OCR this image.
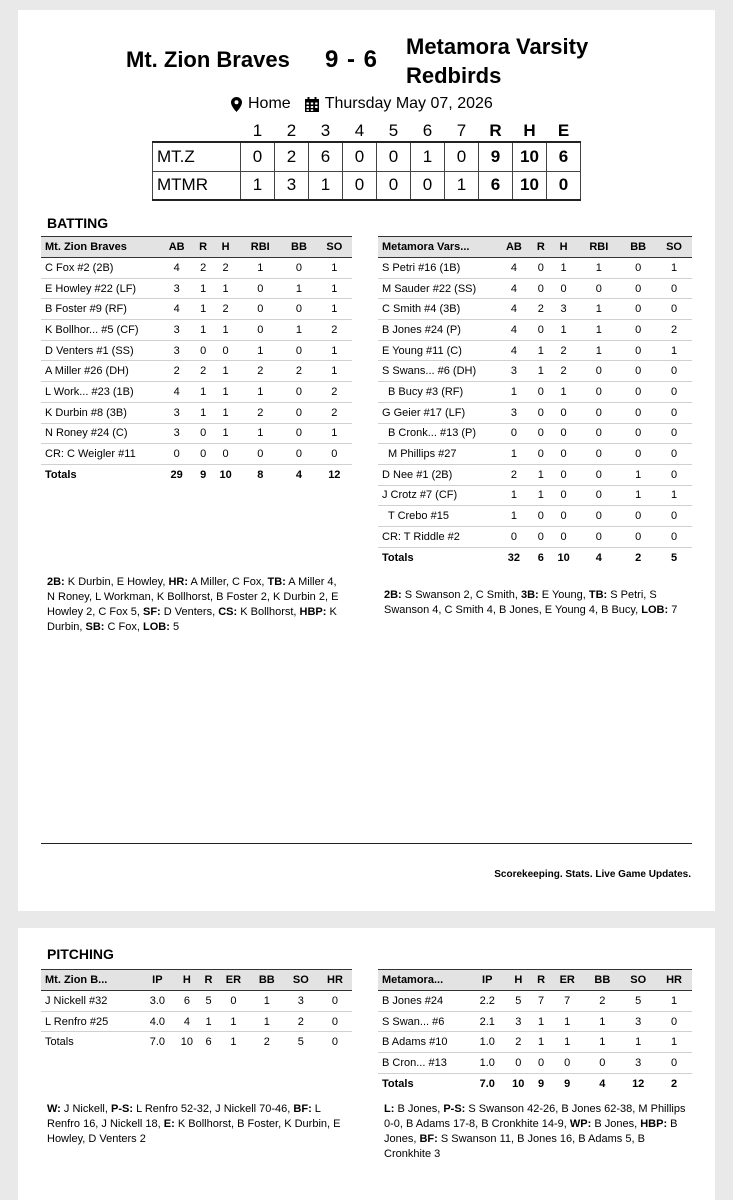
Mt. Zion Braves 9 - 6 Metamora Varsity Redbirds
Home Thursday May 07, 2026
	1	2	3	4	5	6	7	R	H	E
MT.Z	0	2	6	0	0	1	0	9	10	6
MTMR	1	3	1	0	0	0	1	6	10	0
BATTING
Mt. Zion Braves	AB	R	H	RBI	BB	SO
C Fox #2 (2B)	4	2	2	1	0	1
E Howley #22 (LF)	3	1	1	0	1	1
B Foster #9 (RF)	4	1	2	0	0	1
K Bollhor... #5 (CF)	3	1	1	0	1	2
D Venters #1 (SS)	3	0	0	1	0	1
A Miller #26 (DH)	2	2	1	2	2	1
L Work... #23 (1B)	4	1	1	1	0	2
K Durbin #8 (3B)	3	1	1	2	0	2
N Roney #24 (C)	3	0	1	1	0	1
CR: C Weigler #11	0	0	0	0	0	0
Totals	29	9	10	8	4	12
Metamora Vars...	AB	R	H	RBI	BB	SO
S Petri #16 (1B)	4	0	1	1	0	1
M Sauder #22 (SS)	4	0	0	0	0	0
C Smith #4 (3B)	4	2	3	1	0	0
B Jones #24 (P)	4	0	1	1	0	2
E Young #11 (C)	4	1	2	1	0	1
S Swans... #6 (DH)	3	1	2	0	0	0
B Bucy #3 (RF)	1	0	1	0	0	0
G Geier #17 (LF)	3	0	0	0	0	0
B Cronk... #13 (P)	0	0	0	0	0	0
M Phillips #27	1	0	0	0	0	0
D Nee #1 (2B)	2	1	0	0	1	0
J Crotz #7 (CF)	1	1	0	0	1	1
T Crebo #15	1	0	0	0	0	0
CR: T Riddle #2	0	0	0	0	0	0
Totals	32	6	10	4	2	5
2B: K Durbin, E Howley, HR: A Miller, C Fox, TB: A Miller 4, N Roney, L Workman, K Bollhorst, B Foster 2, K Durbin 2, E Howley 2, C Fox 5, SF: D Venters, CS: K Bollhorst, HBP: K Durbin, SB: C Fox, LOB: 5
2B: S Swanson 2, C Smith, 3B: E Young, TB: S Petri, S Swanson 4, C Smith 4, B Jones, E Young 4, B Bucy, LOB: 7
Scorekeeping. Stats. Live Game Updates.
PITCHING
Mt. Zion B...	IP	H	R	ER	BB	SO	HR
J Nickell #32	3.0	6	5	0	1	3	0
L Renfro #25	4.0	4	1	1	1	2	0
Totals	7.0	10	6	1	2	5	0
Metamora...	IP	H	R	ER	BB	SO	HR
B Jones #24	2.2	5	7	7	2	5	1
S Swan... #6	2.1	3	1	1	1	3	0
B Adams #10	1.0	2	1	1	1	1	1
B Cron... #13	1.0	0	0	0	0	3	0
Totals	7.0	10	9	9	4	12	2
W: J Nickell, P-S: L Renfro 52-32, J Nickell 70-46, BF: L Renfro 16, J Nickell 18, E: K Bollhorst, B Foster, K Durbin, E Howley, D Venters 2
L: B Jones, P-S: S Swanson 42-26, B Jones 62-38, M Phillips 0-0, B Adams 17-8, B Cronkhite 14-9, WP: B Jones, HBP: B Jones, BF: S Swanson 11, B Jones 16, B Adams 5, B Cronkhite 3
